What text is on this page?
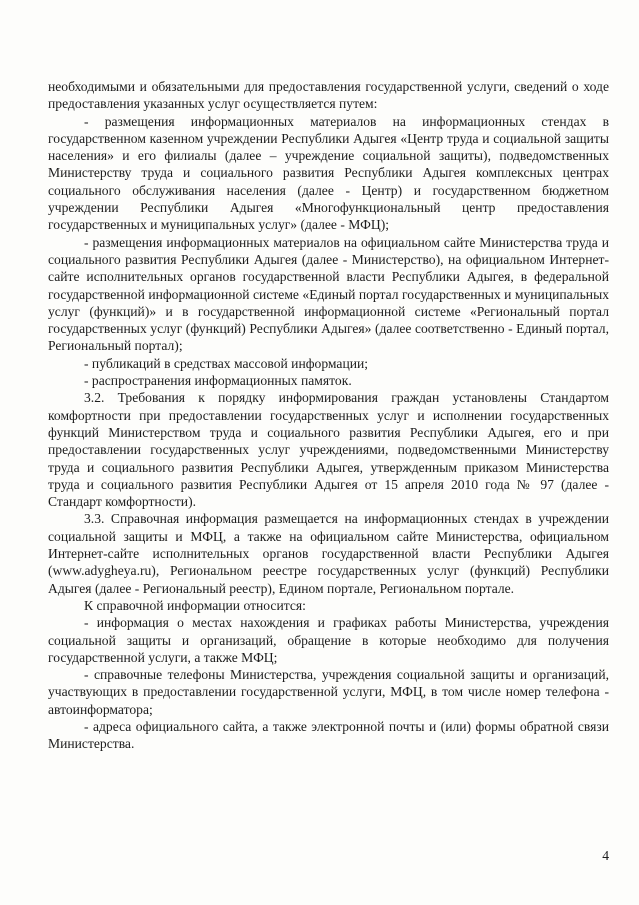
необходимыми и обязательными для предоставления государственной услуги, сведений о ходе предоставления указанных услуг осуществляется путем:

- размещения информационных материалов на информационных стендах в государственном казенном учреждении Республики Адыгея «Центр труда и социальной защиты населения» и его филиалы (далее – учреждение социальной защиты), подведомственных Министерству труда и социального развития Республики Адыгея комплексных центрах социального обслуживания населения (далее - Центр) и государственном бюджетном учреждении Республики Адыгея «Многофункциональный центр предоставления государственных и муниципальных услуг» (далее - МФЦ);

- размещения информационных материалов на официальном сайте Министерства труда и социального развития Республики Адыгея (далее - Министерство), на официальном Интернет-сайте исполнительных органов государственной власти Республики Адыгея, в федеральной государственной информационной системе «Единый портал государственных и муниципальных услуг (функций)» и в государственной информационной системе «Региональный портал государственных услуг (функций) Республики Адыгея» (далее соответственно - Единый портал, Региональный портал);

- публикаций в средствах массовой информации;

- распространения информационных памяток.

3.2. Требования к порядку информирования граждан установлены Стандартом комфортности при предоставлении государственных услуг и исполнении государственных функций Министерством труда и социального развития Республики Адыгея, его и при предоставлении государственных услуг учреждениями, подведомственными Министерству труда и социального развития Республики Адыгея, утвержденным приказом Министерства труда и социального развития Республики Адыгея от 15 апреля 2010 года № 97 (далее - Стандарт комфортности).

3.3. Справочная информация размещается на информационных стендах в учреждении социальной защиты и МФЦ, а также на официальном сайте Министерства, официальном Интернет-сайте исполнительных органов государственной власти Республики Адыгея (www.adygheya.ru), Региональном реестре государственных услуг (функций) Республики Адыгея (далее - Региональный реестр), Едином портале, Региональном портале.

К справочной информации относится:

- информация о местах нахождения и графиках работы Министерства, учреждения социальной защиты и организаций, обращение в которые необходимо для получения государственной услуги, а также МФЦ;

- справочные телефоны Министерства, учреждения социальной защиты и организаций, участвующих в предоставлении государственной услуги, МФЦ, в том числе номер телефона - автоинформатора;

- адреса официального сайта, а также электронной почты и (или) формы обратной связи Министерства.

4
